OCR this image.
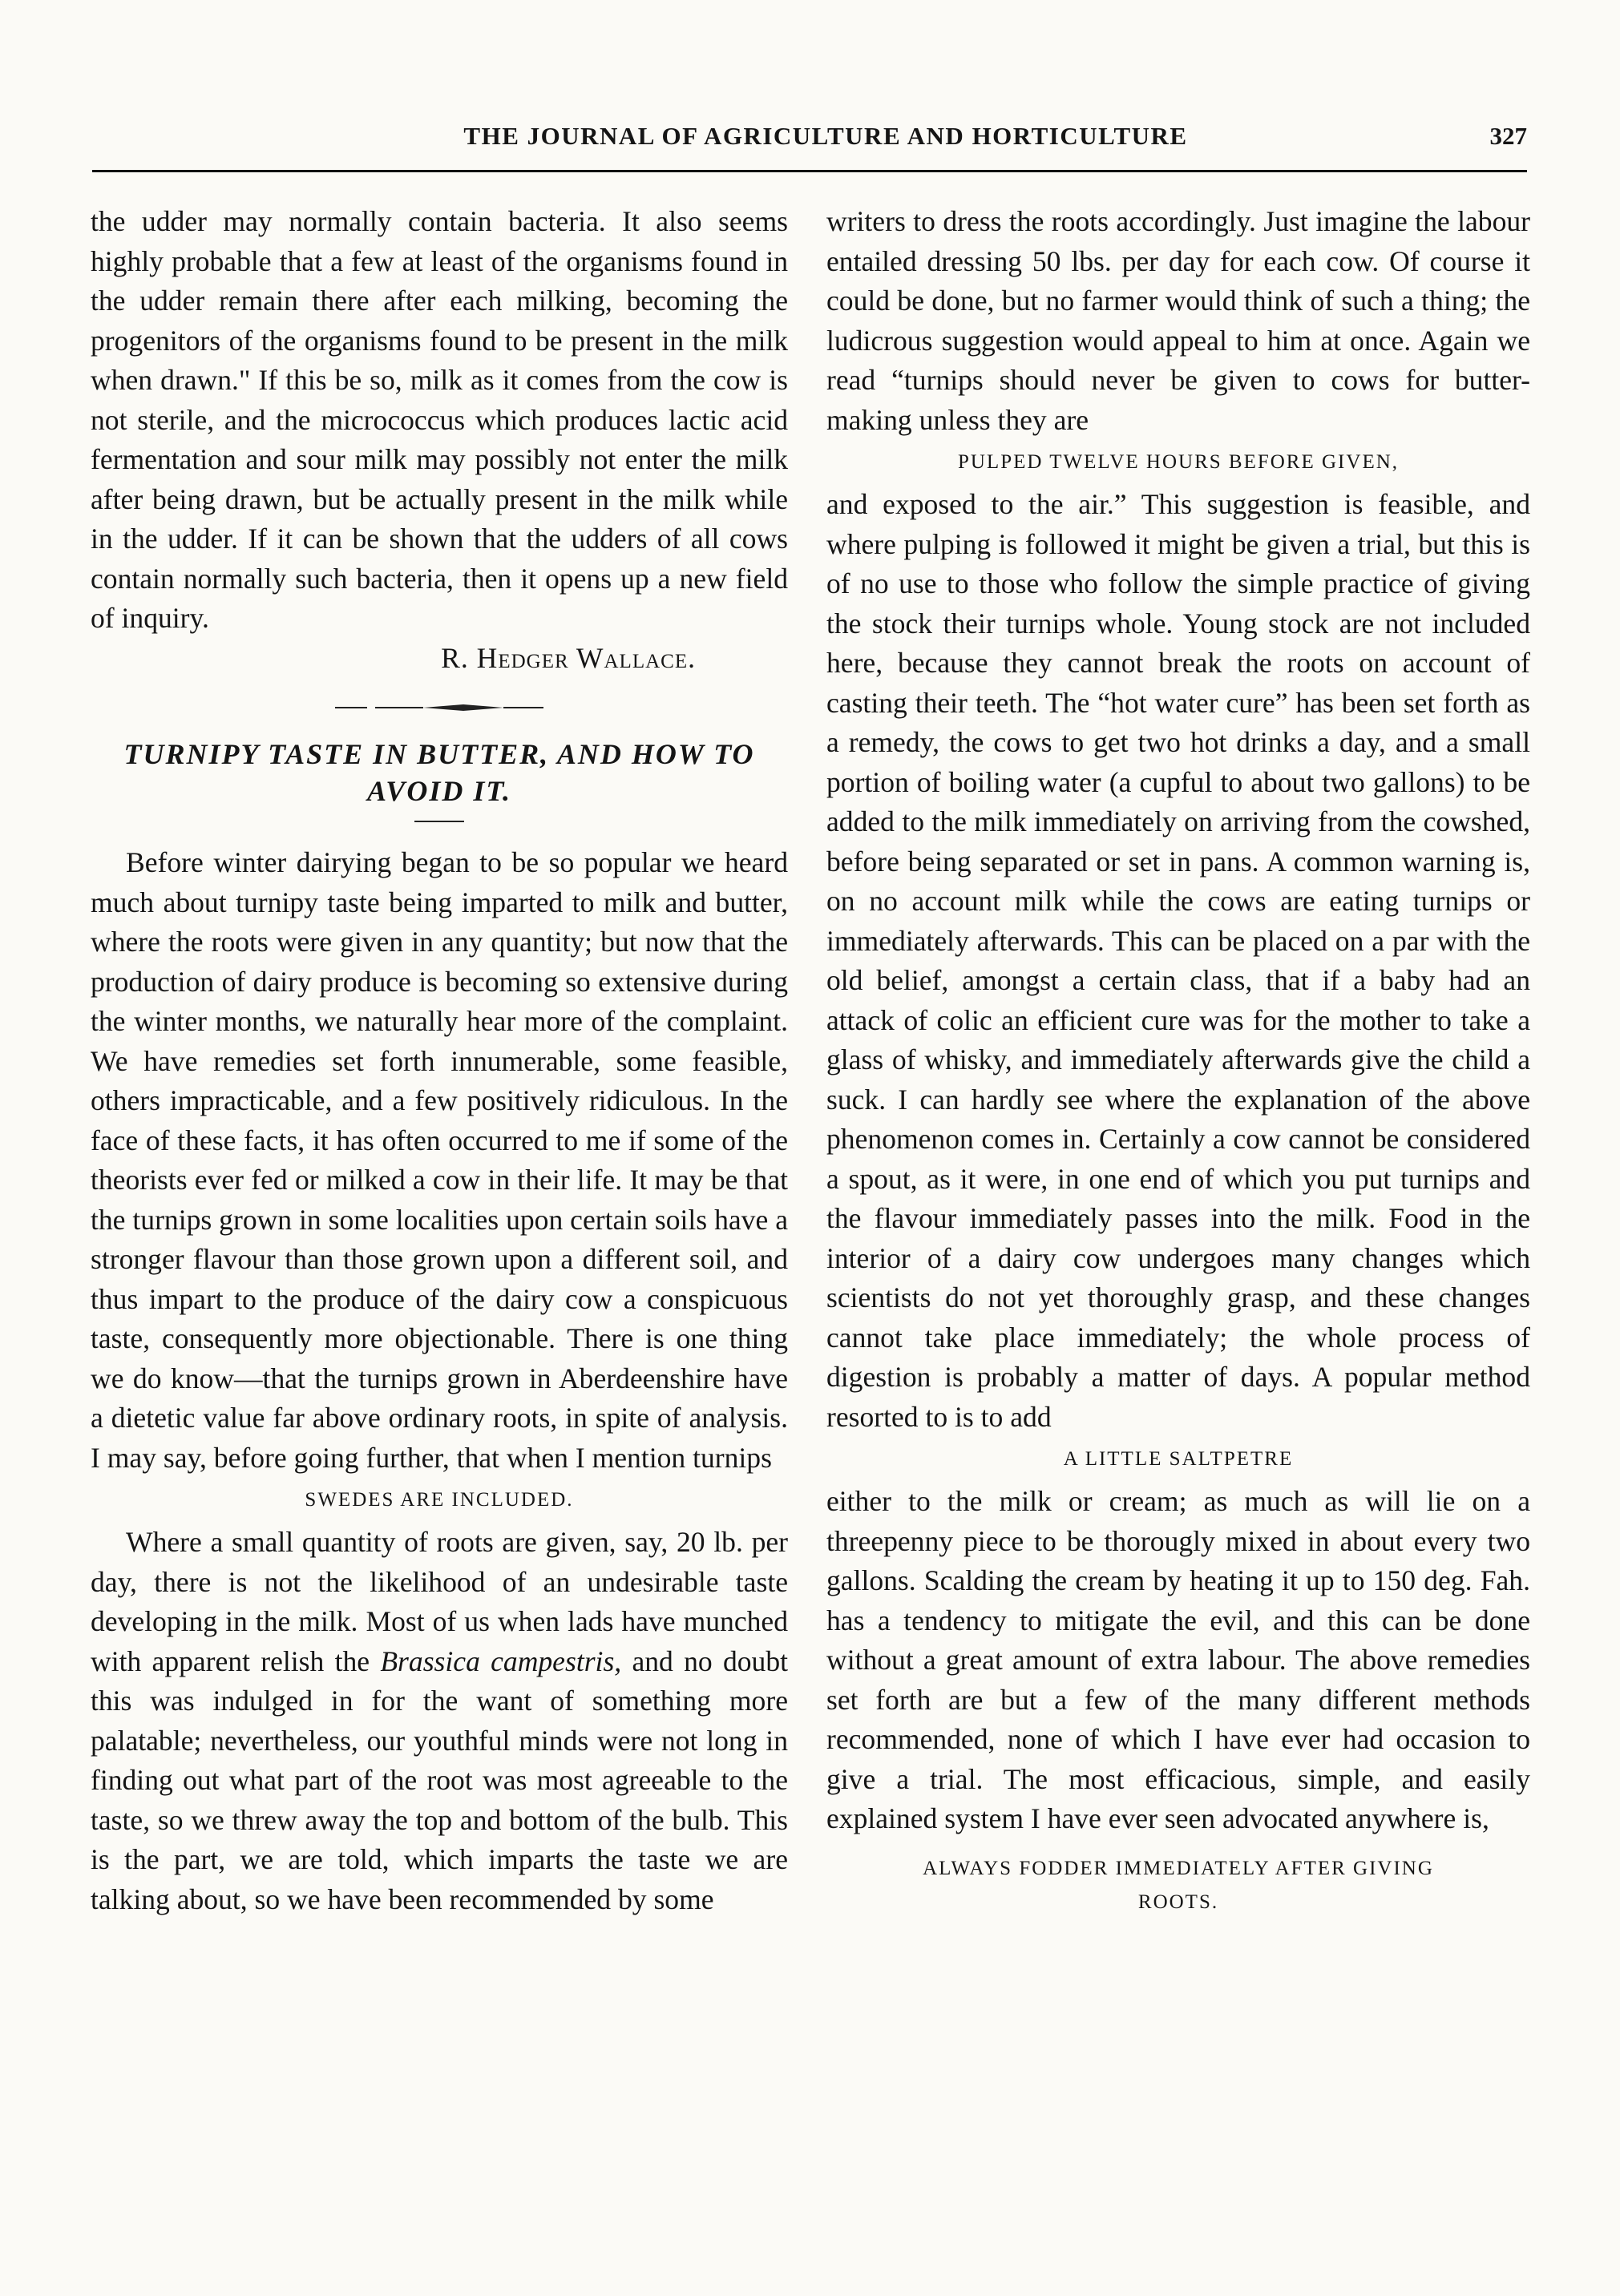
THE JOURNAL OF AGRICULTURE AND HORTICULTURE	327

the udder may normally contain bacteria. It also seems highly probable that a few at least of the organisms found in the udder remain there after each milking, becoming the progenitors of the organisms found to be present in the milk when drawn." If this be so, milk as it comes from the cow is not sterile, and the micrococcus which produces lactic acid fermentation and sour milk may possibly not enter the milk after being drawn, but be actually present in the milk while in the udder. If it can be shown that the udders of all cows contain normally such bacteria, then it opens up a new field of inquiry.

R. Hedger Wallace.

TURNIPY TASTE IN BUTTER, AND HOW TO AVOID IT.

Before winter dairying began to be so popular we heard much about turnipy taste being imparted to milk and butter, where the roots were given in any quantity; but now that the production of dairy produce is becoming so extensive during the winter months, we naturally hear more of the complaint. We have remedies set forth innumerable, some feasible, others impracticable, and a few positively ridiculous. In the face of these facts, it has often occurred to me if some of the theorists ever fed or milked a cow in their life. It may be that the turnips grown in some localities upon certain soils have a stronger flavour than those grown upon a different soil, and thus impart to the produce of the dairy cow a conspicuous taste, consequently more objectionable. There is one thing we do know—that the turnips grown in Aberdeenshire have a dietetic value far above ordinary roots, in spite of analysis. I may say, before going further, that when I mention turnips

SWEDES ARE INCLUDED.

Where a small quantity of roots are given, say, 20 lb. per day, there is not the likelihood of an undesirable taste developing in the milk. Most of us when lads have munched with apparent relish the Brassica campestris, and no doubt this was indulged in for the want of something more palatable; nevertheless, our youthful minds were not long in finding out what part of the root was most agreeable to the taste, so we threw away the top and bottom of the bulb. This is the part, we are told, which imparts the taste we are talking about, so we have been recommended by some

writers to dress the roots accordingly. Just imagine the labour entailed dressing 50 lbs. per day for each cow. Of course it could be done, but no farmer would think of such a thing; the ludicrous suggestion would appeal to him at once. Again we read “turnips should never be given to cows for butter-making unless they are

PULPED TWELVE HOURS BEFORE GIVEN,

and exposed to the air.” This suggestion is feasible, and where pulping is followed it might be given a trial, but this is of no use to those who follow the simple practice of giving the stock their turnips whole. Young stock are not included here, because they cannot break the roots on account of casting their teeth. The “hot water cure” has been set forth as a remedy, the cows to get two hot drinks a day, and a small portion of boiling water (a cupful to about two gallons) to be added to the milk immediately on arriving from the cowshed, before being separated or set in pans. A common warning is, on no account milk while the cows are eating turnips or immediately afterwards. This can be placed on a par with the old belief, amongst a certain class, that if a baby had an attack of colic an efficient cure was for the mother to take a glass of whisky, and immediately afterwards give the child a suck. I can hardly see where the explanation of the above phenomenon comes in. Certainly a cow cannot be considered a spout, as it were, in one end of which you put turnips and the flavour immediately passes into the milk. Food in the interior of a dairy cow undergoes many changes which scientists do not yet thoroughly grasp, and these changes cannot take place immediately; the whole process of digestion is probably a matter of days. A popular method resorted to is to add

A LITTLE SALTPETRE

either to the milk or cream; as much as will lie on a threepenny piece to be thorougly mixed in about every two gallons. Scalding the cream by heating it up to 150 deg. Fah. has a tendency to mitigate the evil, and this can be done without a great amount of extra labour. The above remedies set forth are but a few of the many different methods recommended, none of which I have ever had occasion to give a trial. The most efficacious, simple, and easily explained system I have ever seen advocated anywhere is,

ALWAYS FODDER IMMEDIATELY AFTER GIVING
ROOTS.
